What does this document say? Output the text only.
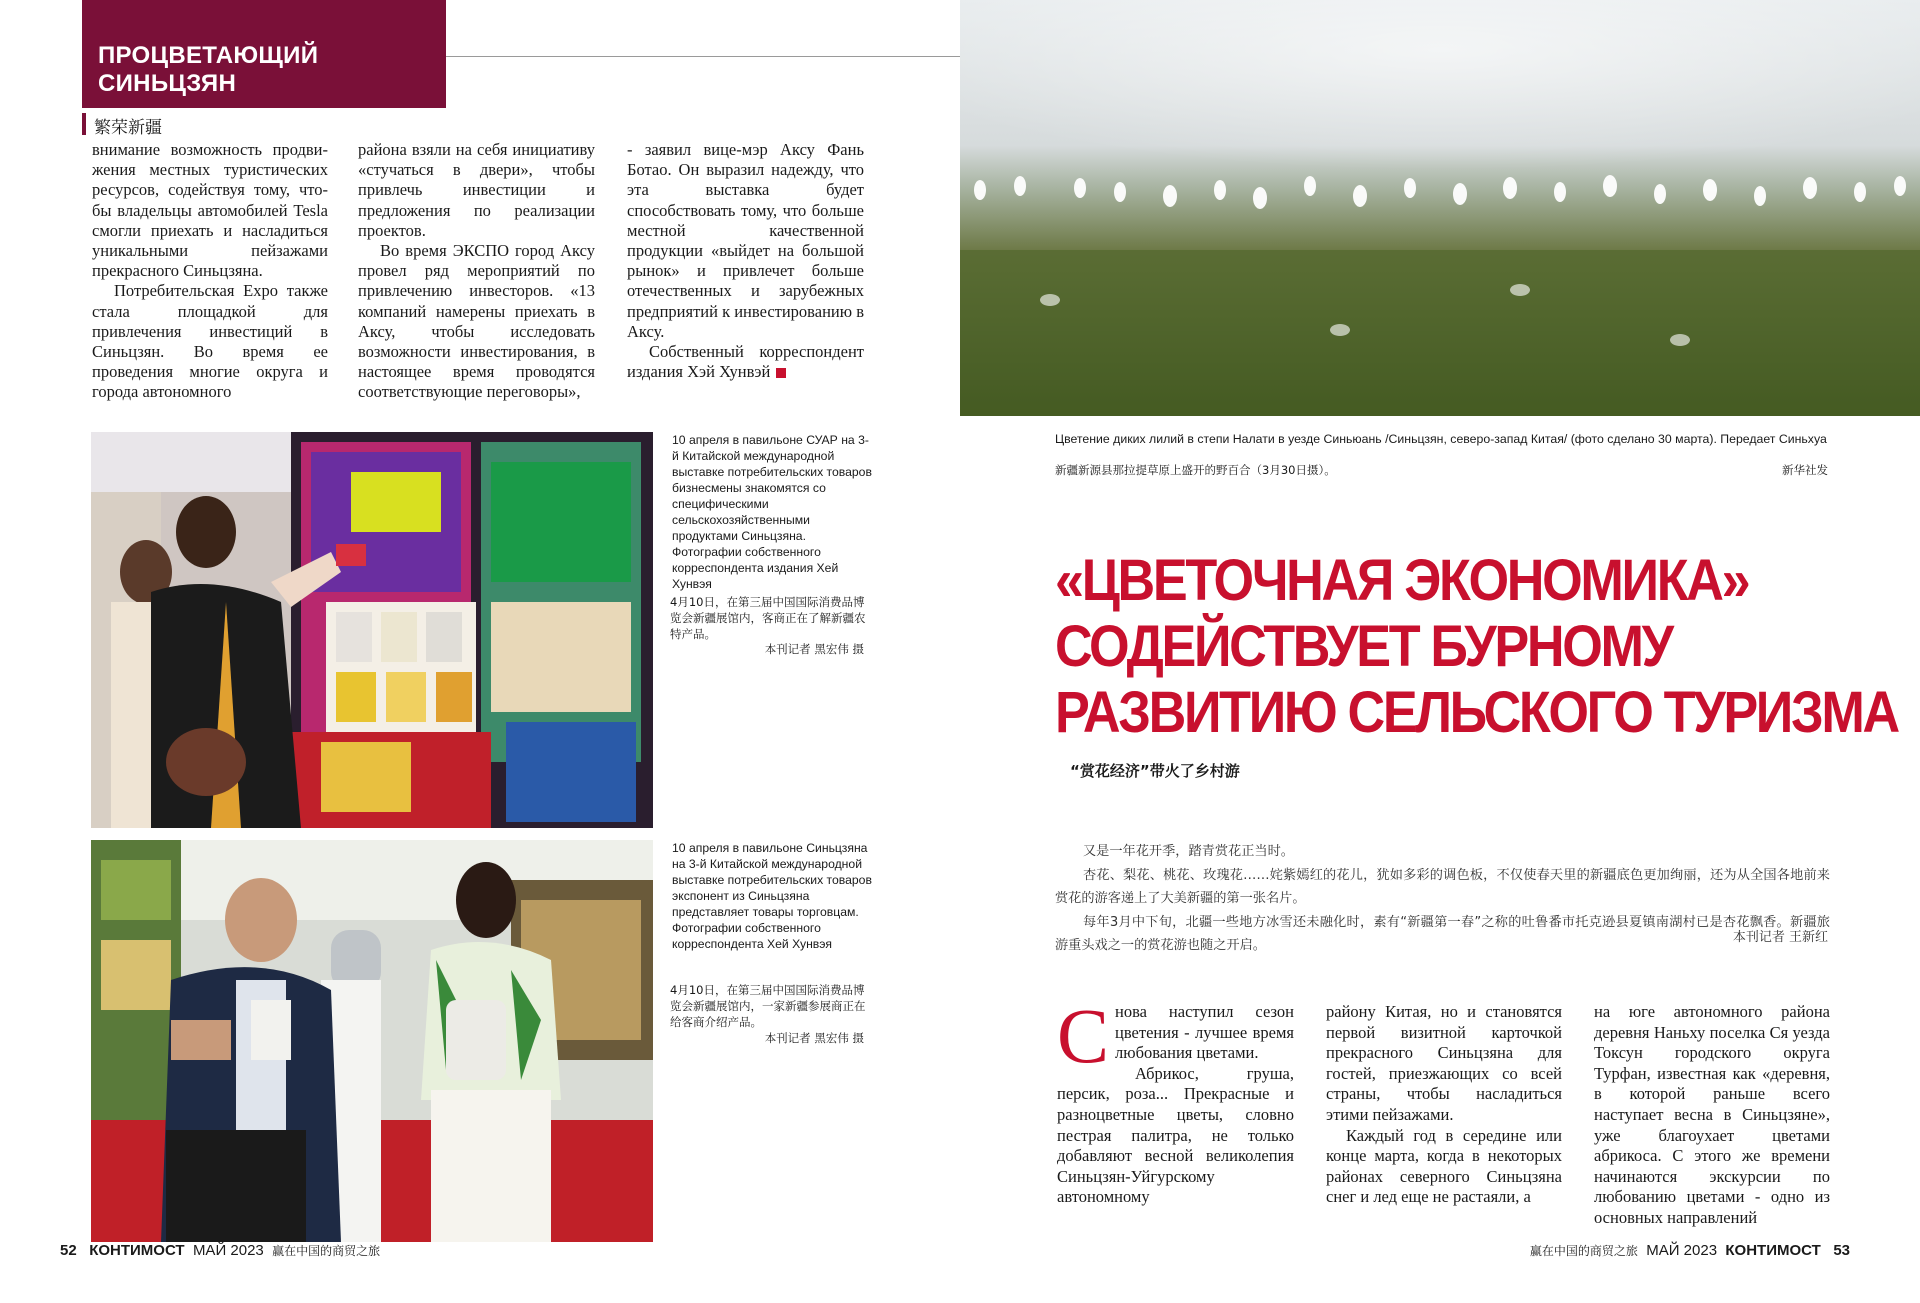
ПРОЦВЕТАЮЩИЙ
СИНЬЦЗЯН
繁荣新疆

внимание возможность продви-жения местных туристических ресурсов, содействуя тому, что-бы владельцы автомобилей Tesla смогли приехать и насладиться уникальными пейзажами прекрасного Синьцзяна.

Потребительская Expo также стала площадкой для привлечения инвестиций в Синьцзян. Во время ее проведения многие округа и города автономного

района взяли на себя инициативу «стучаться в двери», чтобы привлечь инвестиции и предложения по реализации проектов.

Во время ЭКСПО город Аксу провел ряд мероприятий по привлечению инвесторов. «13 компаний намерены приехать в Аксу, чтобы исследовать возможности инвестирования, в настоящее время проводятся соответствующие переговоры»,

- заявил вице-мэр Аксу Фань Ботао. Он выразил надежду, что эта выставка будет способствовать тому, что больше местной качественной продукции «выйдет на большой рынок» и привлечет больше отечественных и зарубежных предприятий к инвестированию в Аксу.

Собственный корреспондент издания Хэй Хунвэй

10 апреля в павильоне СУАР на 3-й Китайской международной выставке потребительских товаров бизнесмены знакомятся со специфическими сельскохозяйственными продуктами Синьцзяна. Фотографии собственного корреспондента издания Хей Хунвэя
4月10日，在第三届中国国际消费品博览会新疆展馆内，客商正在了解新疆农特产品。
本刊记者 黑宏伟 摄
10 апреля в павильоне Синьцзяна на 3-й Китайской международной выставке потребительских товаров экспонент из Синьцзяна представляет товары торговцам. Фотографии собственного корреспондента Хей Хунвэя
4月10日，在第三届中国国际消费品博览会新疆展馆内，一家新疆参展商正在给客商介绍产品。
本刊记者 黑宏伟 摄
52 КОНТИМОСТ МАЙ 2023 赢在中国的商贸之旅
Цветение диких лилий в степи Налати в уезде Синьюань /Синьцзян, северо-запад Китая/ (фото сделано 30 марта). Передает Синьхуа
新疆新源县那拉提草原上盛开的野百合（3月30日摄）。	新华社发
«ЦВЕТОЧНАЯ ЭКОНОМИКА»
СОДЕЙСТВУЕТ БУРНОМУ
РАЗВИТИЮ СЕЛЬСКОГО ТУРИЗМА
“赏花经济”带火了乡村游

又是一年花开季，踏青赏花正当时。

杏花、梨花、桃花、玫瑰花……姹紫嫣红的花儿，犹如多彩的调色板，不仅使春天里的新疆底色更加绚丽，还为从全国各地前来赏花的游客递上了大美新疆的第一张名片。

每年3月中下旬，北疆一些地方冰雪还未融化时，素有“新疆第一春”之称的吐鲁番市托克逊县夏镇南湖村已是杏花飘香。新疆旅游重头戏之一的赏花游也随之开启。

本刊记者 王新红

Снова наступил сезон цветения - лучшее время любования цветами.

Абрикос, груша, персик, роза... Прекрасные и разноцветные цветы, словно пестрая палитра, не только добавляют весной великолепия Синьцзян-Уйгурскому автономному

району Китая, но и становятся первой визитной карточкой прекрасного Синьцзяна для гостей, приезжающих со всей страны, чтобы насладиться этими пейзажами.

Каждый год в середине или конце марта, когда в некоторых районах северного Синьцзяна снег и лед еще не растаяли, а

на юге автономного района деревня Наньху поселка Ся уезда Токсун городского округа Турфан, известная как «деревня, в которой раньше всего наступает весна в Синьцзяне», уже благоухает цветами абрикоса. С этого же времени начинаются экскурсии по любованию цветами - одно из основных направлений

赢在中国的商贸之旅 МАЙ 2023 КОНТИМОСТ 53
